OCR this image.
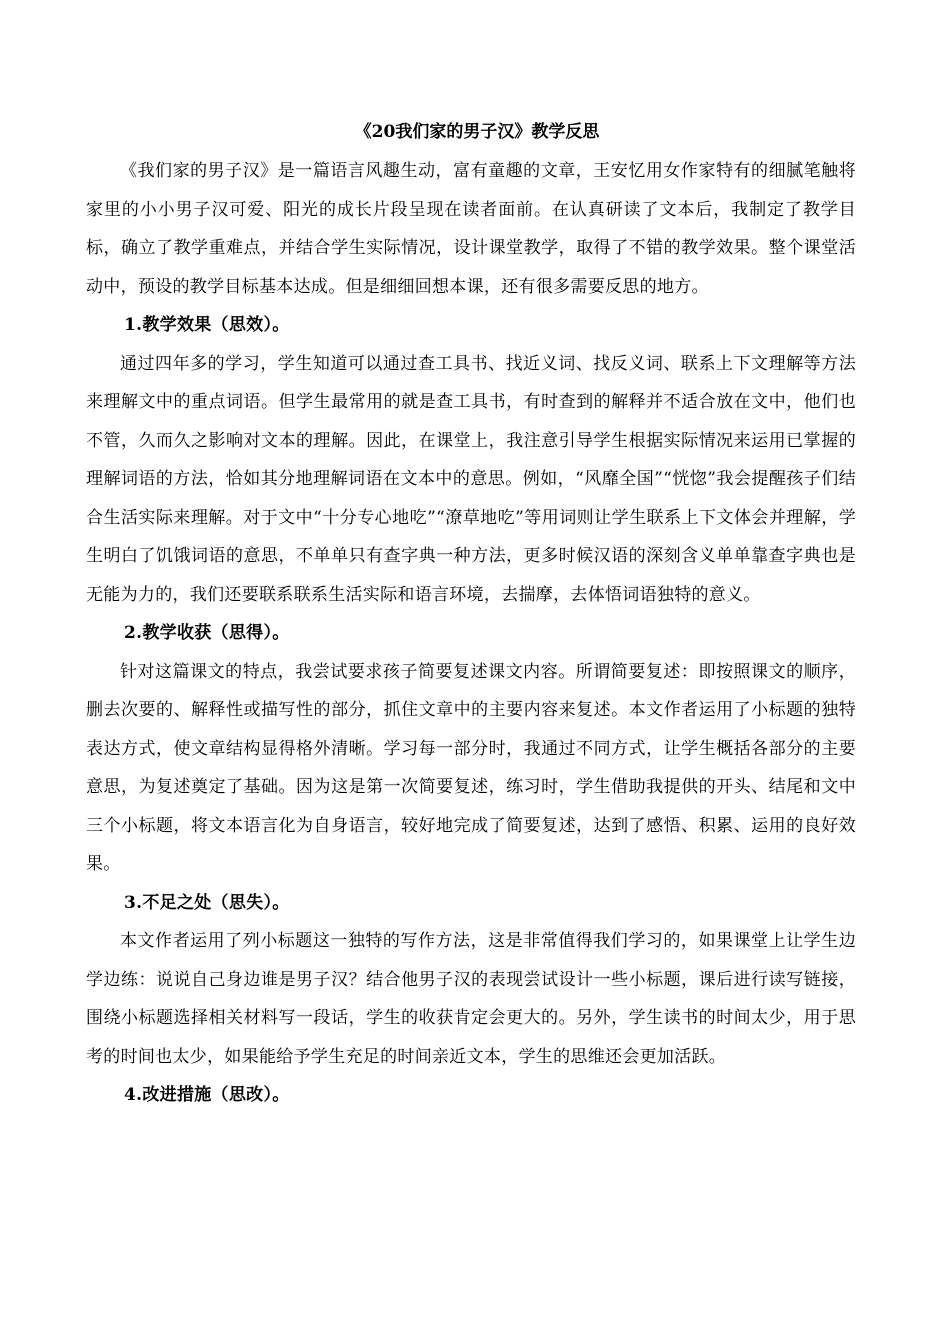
《20我们家的男子汉》教学反思

《我们家的男子汉》是一篇语言风趣生动，富有童趣的文章，王安忆用女作家特有的细腻笔触将家里的小小男子汉可爱、阳光的成长片段呈现在读者面前。在认真研读了文本后，我制定了教学目标，确立了教学重难点，并结合学生实际情况，设计课堂教学，取得了不错的教学效果。整个课堂活动中，预设的教学目标基本达成。但是细细回想本课，还有很多需要反思的地方。

1.教学效果（思效）。

通过四年多的学习，学生知道可以通过查工具书、找近义词、找反义词、联系上下文理解等方法来理解文中的重点词语。但学生最常用的就是查工具书，有时查到的解释并不适合放在文中，他们也不管，久而久之影响对文本的理解。因此，在课堂上，我注意引导学生根据实际情况来运用已掌握的理解词语的方法，恰如其分地理解词语在文本中的意思。例如，“风靡全国”“恍惚”我会提醒孩子们结合生活实际来理解。对于文中“十分专心地吃”“潦草地吃”等用词则让学生联系上下文体会并理解，学生明白了饥饿词语的意思，不单单只有查字典一种方法，更多时候汉语的深刻含义单单靠查字典也是无能为力的，我们还要联系联系生活实际和语言环境，去揣摩，去体悟词语独特的意义。

2.教学收获（思得）。

针对这篇课文的特点，我尝试要求孩子简要复述课文内容。所谓简要复述：即按照课文的顺序，删去次要的、解释性或描写性的部分，抓住文章中的主要内容来复述。本文作者运用了小标题的独特表达方式，使文章结构显得格外清晰。学习每一部分时，我通过不同方式，让学生概括各部分的主要意思，为复述奠定了基础。因为这是第一次简要复述，练习时，学生借助我提供的开头、结尾和文中三个小标题，将文本语言化为自身语言，较好地完成了简要复述，达到了感悟、积累、运用的良好效果。

3.不足之处（思失）。

本文作者运用了列小标题这一独特的写作方法，这是非常值得我们学习的，如果课堂上让学生边学边练：说说自己身边谁是男子汉？结合他男子汉的表现尝试设计一些小标题，课后进行读写链接，围绕小标题选择相关材料写一段话，学生的收获肯定会更大的。另外，学生读书的时间太少，用于思考的时间也太少，如果能给予学生充足的时间亲近文本，学生的思维还会更加活跃。

4.改进措施（思改）。
